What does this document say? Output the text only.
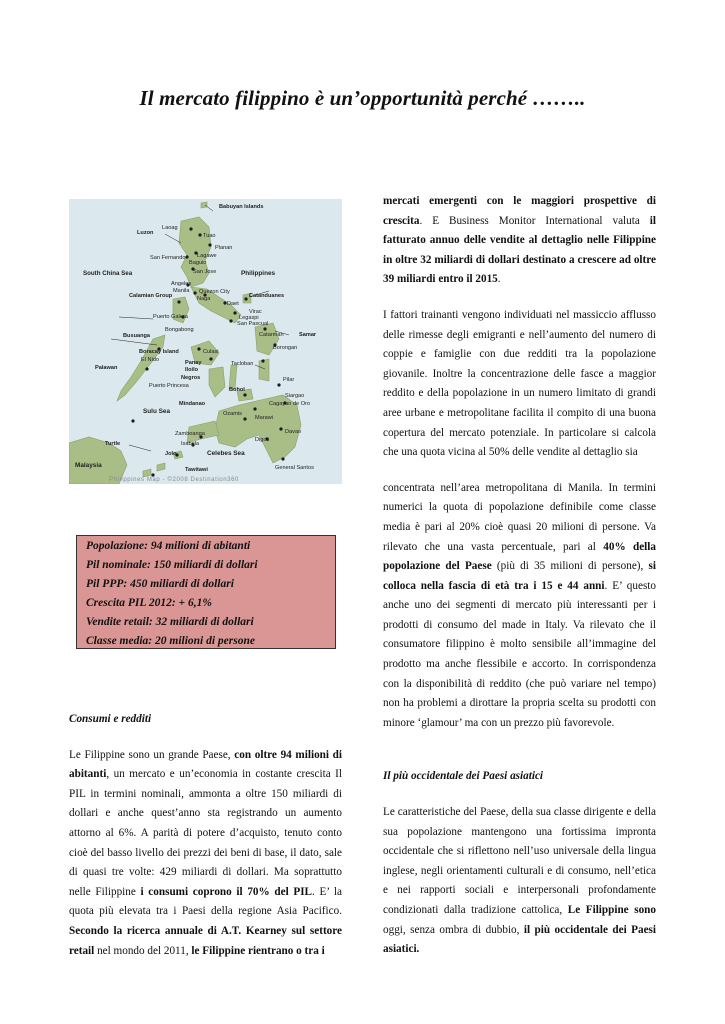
Il mercato filippino è un’opportunità perché ……..
Babuyan Islands
Luzon
Laoag
Tuao
Planan
Lagawe
Baguio
San Fernando
San Jose	Philippines
South China Sea
Angeles
Manila Quezon City
Naga
Daet
Calamian Group
Puerto Galera
Catanduanes
Virac
Legaspi
San Pascual
Bongabong
Busuanga	Catarman	Samar
Boracay Island	Culasi
Borongan
El Nido	Panay
Iloilo
Tacloban
Palawan
Negros	Pilar
Puerto Princesa
Bohol
Siargao
Cagayan de Oro
Sulu Sea
Mindanao
Ozamis
Marawi
Davao
Zamboanga
Digos
Isabela
Turtle
Jolo	Celebes Sea
Malaysia
Tawitawi	General Santos
Philippines Map - ©2008 Destination360
Popolazione: 94 milioni di abitanti
Pil nominale: 150 miliardi di dollari
Pil PPP: 450 miliardi di dollari
Crescita PIL 2012: + 6,1%
Vendite retail: 32 miliardi di dollari
Classe media: 20 milioni di persone

Consumi e redditi

Le Filippine sono un grande Paese, con oltre 94 milioni di abitanti, un mercato e un’economia in costante crescita Il PIL in termini nominali, ammonta a oltre 150 miliardi di dollari e anche quest’anno sta registrando un aumento attorno al 6%. A parità di potere d’acquisto, tenuto conto cioè del basso livello dei prezzi dei beni di base, il dato, sale di quasi tre volte: 429 miliardi di dollari. Ma soprattutto nelle Filippine i consumi coprono il 70% del PIL. E’ la quota più elevata tra i Paesi della regione Asia Pacifico. Secondo la ricerca annuale di A.T. Kearney sul settore retail nel mondo del 2011, le Filippine rientrano o tra i

mercati emergenti con le maggiori prospettive di crescita. E Business Monitor International valuta il fatturato annuo delle vendite al dettaglio nelle Filippine in oltre 32 miliardi di dollari destinato a crescere ad oltre 39 miliardi entro il 2015.

I fattori trainanti vengono individuati nel massiccio afflusso delle rimesse degli emigranti e nell’aumento del numero di coppie e famiglie con due redditi tra la popolazione giovanile. Inoltre la concentrazione delle fasce a maggior reddito e della popolazione in un numero limitato di grandi aree urbane e metropolitane facilita il compito di una buona copertura del mercato potenziale. In particolare si calcola che una quota vicina al 50% delle vendite al dettaglio sia

concentrata nell’area metropolitana di Manila. In termini numerici la quota di popolazione definibile come classe media è pari al 20% cioè quasi 20 milioni di persone. Va rilevato che una vasta percentuale, pari al 40% della popolazione del Paese (più di 35 milioni di persone), si colloca nella fascia di età tra i 15 e 44 anni. E’ questo anche uno dei segmenti di mercato più interessanti per i prodotti di consumo del made in Italy. Va rilevato che il consumatore filippino è molto sensibile all’immagine del prodotto ma anche flessibile e accorto. In corrispondenza con la disponibilità di reddito (che può variare nel tempo) non ha problemi a dirottare la propria scelta su prodotti con minore ‘glamour’ ma con un prezzo più favorevole.

Il più occidentale dei Paesi asiatici

Le caratteristiche del Paese, della sua classe dirigente e della sua popolazione mantengono una fortissima impronta occidentale che si riflettono nell’uso universale della lingua inglese, negli orientamenti culturali e di consumo, nell’etica e nei rapporti sociali e interpersonali profondamente condizionati dalla tradizione cattolica, Le Filippine sono oggi, senza ombra di dubbio, il più occidentale dei Paesi asiatici.
